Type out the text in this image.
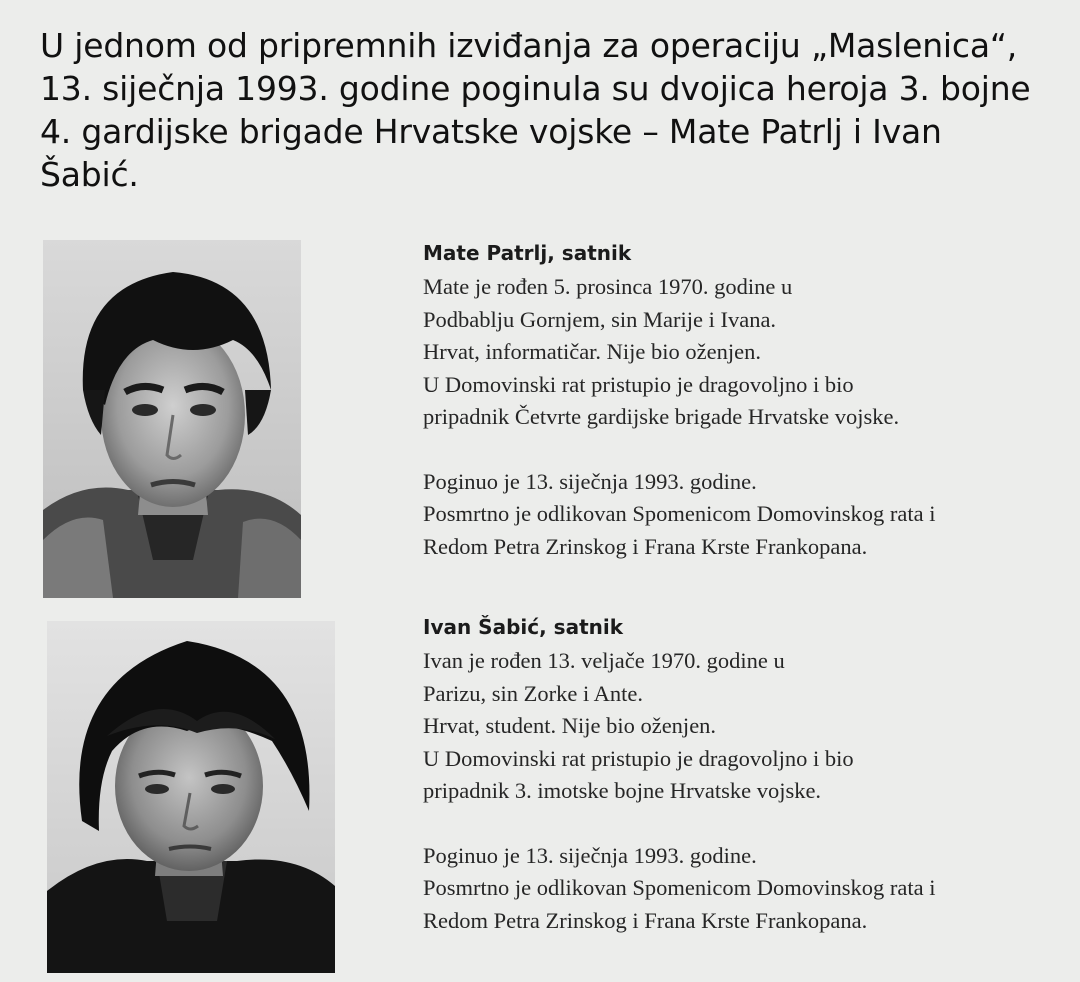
U jednom od pripremnih izviđanja za operaciju „Maslenica“, 13. siječnja 1993. godine poginula su dvojica heroja 3. bojne 4. gardijske brigade Hrvatske vojske – Mate Patrlj i Ivan Šabić.
Mate Patrlj, satnik
Mate je rođen 5. prosinca 1970. godine u
Podbablju Gornjem, sin Marije i Ivana.
Hrvat, informatičar. Nije bio oženjen.
U Domovinski rat pristupio je dragovoljno i bio
pripadnik Četvrte gardijske brigade Hrvatske vojske.
Poginuo je 13. siječnja 1993. godine.
Posmrtno je odlikovan Spomenicom Domovinskog rata i
Redom Petra Zrinskog i Frana Krste Frankopana.
Ivan Šabić, satnik
Ivan je rođen 13. veljače 1970. godine u
Parizu, sin Zorke i Ante.
Hrvat, student. Nije bio oženjen.
U Domovinski rat pristupio je dragovoljno i bio
pripadnik 3. imotske bojne Hrvatske vojske.
Poginuo je 13. siječnja 1993. godine.
Posmrtno je odlikovan Spomenicom Domovinskog rata i
Redom Petra Zrinskog i Frana Krste Frankopana.
